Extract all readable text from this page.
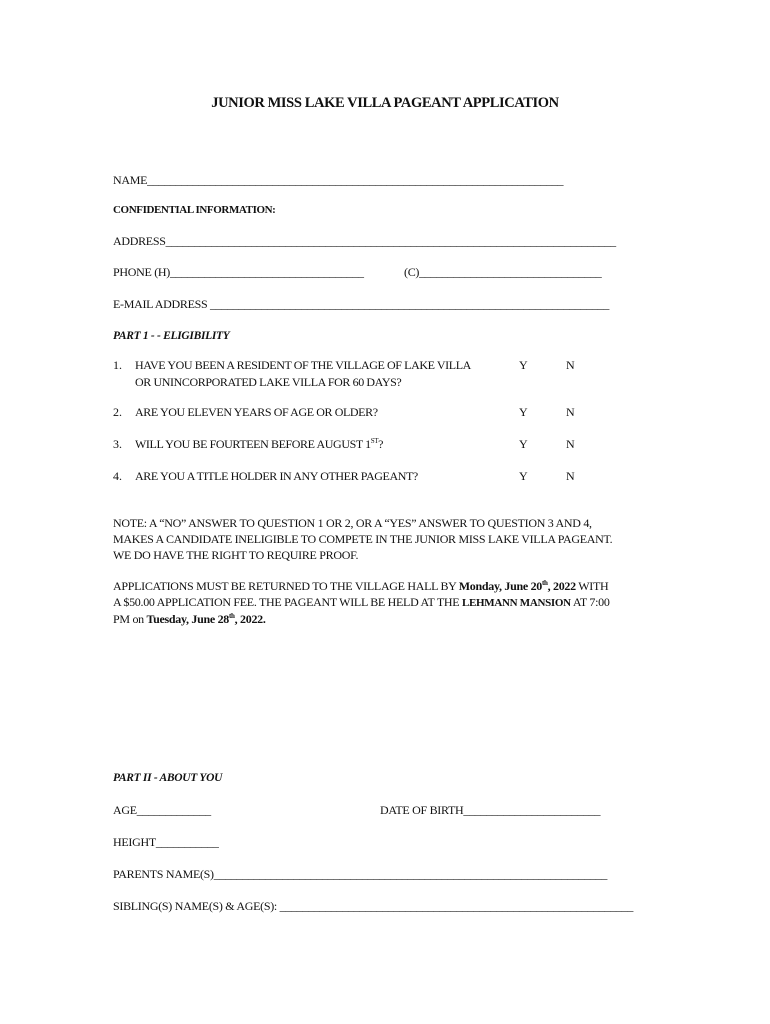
JUNIOR MISS LAKE VILLA PAGEANT APPLICATION
NAME_________________________________________________________________________
CONFIDENTIAL INFORMATION:
ADDRESS_______________________________________________________________________________
PHONE (H)__________________________________	(C)________________________________
E-MAIL ADDRESS ______________________________________________________________________
PART 1 - - ELIGIBILITY
1. HAVE YOU BEEN A RESIDENT OF THE VILLAGE OF LAKE VILLA
OR UNINCORPORATED LAKE VILLA FOR 60 DAYS?
Y	N
2. ARE YOU ELEVEN YEARS OF AGE OR OLDER?	Y	N
3. WILL YOU BE FOURTEEN BEFORE AUGUST 1ST?	Y	N
4. ARE YOU A TITLE HOLDER IN ANY OTHER PAGEANT?	Y	N
NOTE: A “NO” ANSWER TO QUESTION 1 OR 2, OR A “YES” ANSWER TO QUESTION 3 AND 4,
MAKES A CANDIDATE INELIGIBLE TO COMPETE IN THE JUNIOR MISS LAKE VILLA PAGEANT.
WE DO HAVE THE RIGHT TO REQUIRE PROOF.
APPLICATIONS MUST BE RETURNED TO THE VILLAGE HALL BY Monday, June 20th, 2022 WITH
A $50.00 APPLICATION FEE. THE PAGEANT WILL BE HELD AT THE LEHMANN MANSION AT 7:00
PM on Tuesday, June 28th, 2022.
PART II - ABOUT YOU
AGE_____________	DATE OF BIRTH________________________
HEIGHT___________
PARENTS NAME(S)_____________________________________________________________________
SIBLING(S) NAME(S) & AGE(S): ______________________________________________________________
